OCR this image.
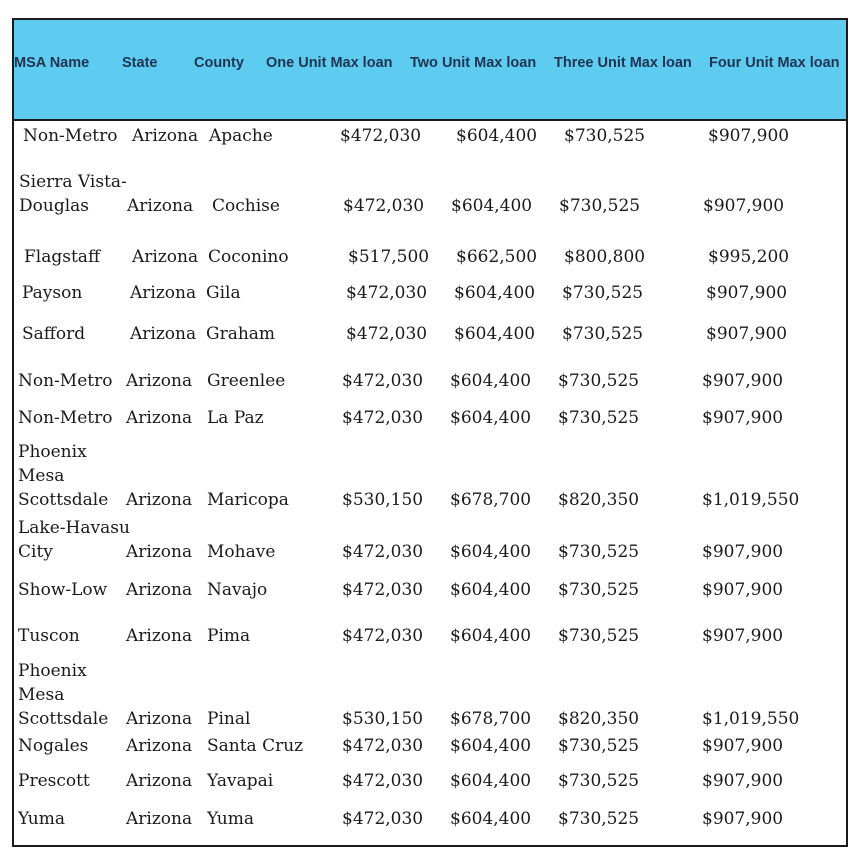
MSA Name State	County One Unit Max loan Two Unit Max loan Three Unit Max loan Four Unit Max loan
Non-Metro Arizona Apache	$472,030 $604,400 $730,525	$907,900
Sierra Vista-
Douglas Arizona Cochise	$472,030 $604,400 $730,525	$907,900
Flagstaff Arizona Coconino	$517,500 $662,500 $800,800	$995,200
Payson	Arizona Gila	$472,030 $604,400 $730,525	$907,900
Safford	Arizona Graham	$472,030 $604,400 $730,525	$907,900
Non-Metro Arizona Greenlee	$472,030 $604,400 $730,525	$907,900
Non-Metro Arizona La Paz	$472,030 $604,400 $730,525	$907,900
Phoenix
Mesa
Scottsdale Arizona Maricopa	$530,150 $678,700 $820,350	$1,019,550
Lake-Havasu
City	Arizona Mohave	$472,030 $604,400 $730,525	$907,900
Show-Low Arizona Navajo	$472,030 $604,400 $730,525	$907,900
Tuscon	Arizona Pima	$472,030 $604,400 $730,525	$907,900
Phoenix
Mesa
Scottsdale Arizona Pinal	$530,150 $678,700 $820,350	$1,019,550
Nogales Arizona Santa Cruz $472,030 $604,400 $730,525	$907,900
Prescott Arizona Yavapai	$472,030 $604,400 $730,525	$907,900
Yuma	Arizona Yuma	$472,030 $604,400 $730,525	$907,900
